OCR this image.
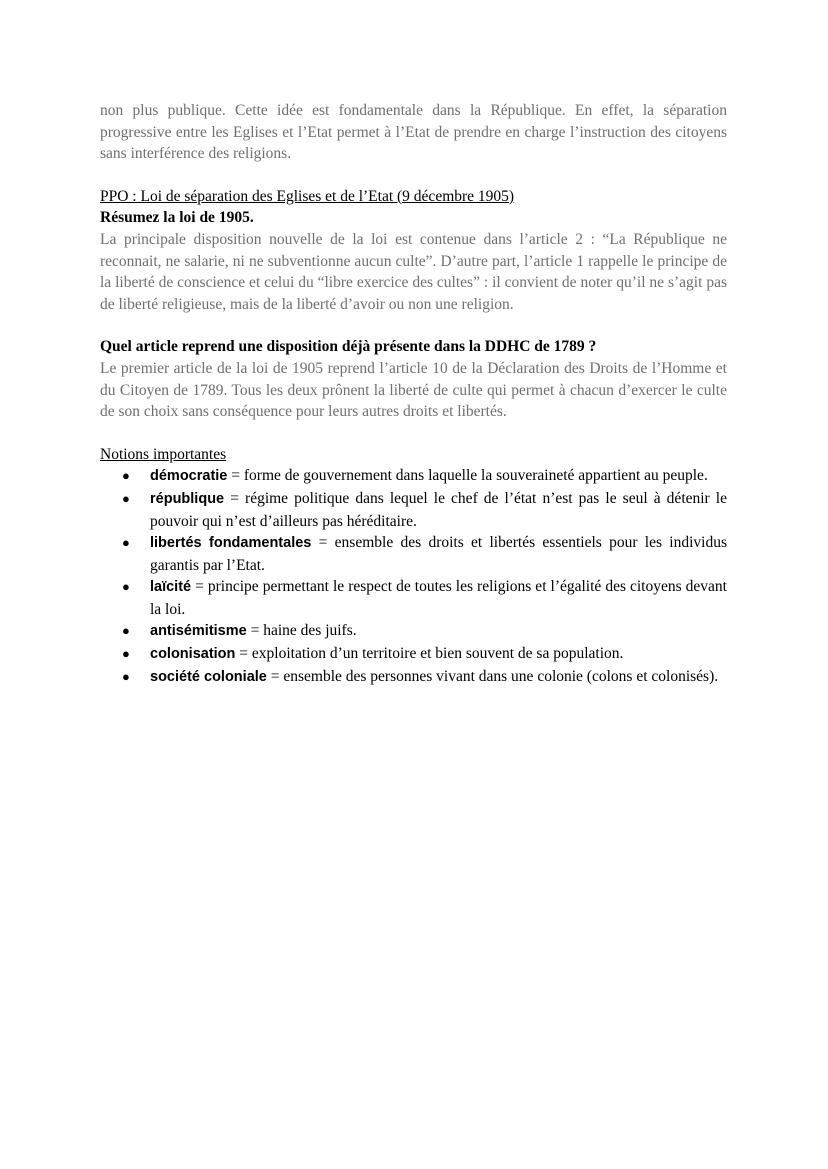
non plus publique. Cette idée est fondamentale dans la République. En effet, la séparation progressive entre les Eglises et l’Etat permet à l’Etat de prendre en charge l’instruction des citoyens sans interférence des religions.

PPO : Loi de séparation des Eglises et de l’Etat (9 décembre 1905)

Résumez la loi de 1905.

La principale disposition nouvelle de la loi est contenue dans l’article 2 : “La République ne reconnait, ne salarie, ni ne subventionne aucun culte”. D’autre part, l’article 1 rappelle le principe de la liberté de conscience et celui du “libre exercice des cultes” : il convient de noter qu’il ne s’agit pas de liberté religieuse, mais de la liberté d’avoir ou non une religion.

Quel article reprend une disposition déjà présente dans la DDHC de 1789 ?

Le premier article de la loi de 1905 reprend l’article 10 de la Déclaration des Droits de l’Homme et du Citoyen de 1789. Tous les deux prônent la liberté de culte qui permet à chacun d’exercer le culte de son choix sans conséquence pour leurs autres droits et libertés.

Notions importantes

● démocratie = forme de gouvernement dans laquelle la souveraineté appartient au peuple.
● république = régime politique dans lequel le chef de l’état n’est pas le seul à détenir le pouvoir qui n’est d’ailleurs pas héréditaire.
● libertés fondamentales = ensemble des droits et libertés essentiels pour les individus garantis par l’Etat.
● laïcité = principe permettant le respect de toutes les religions et l’égalité des citoyens devant la loi.
● antisémitisme = haine des juifs.
● colonisation = exploitation d’un territoire et bien souvent de sa population.
● société coloniale = ensemble des personnes vivant dans une colonie (colons et colonisés).
